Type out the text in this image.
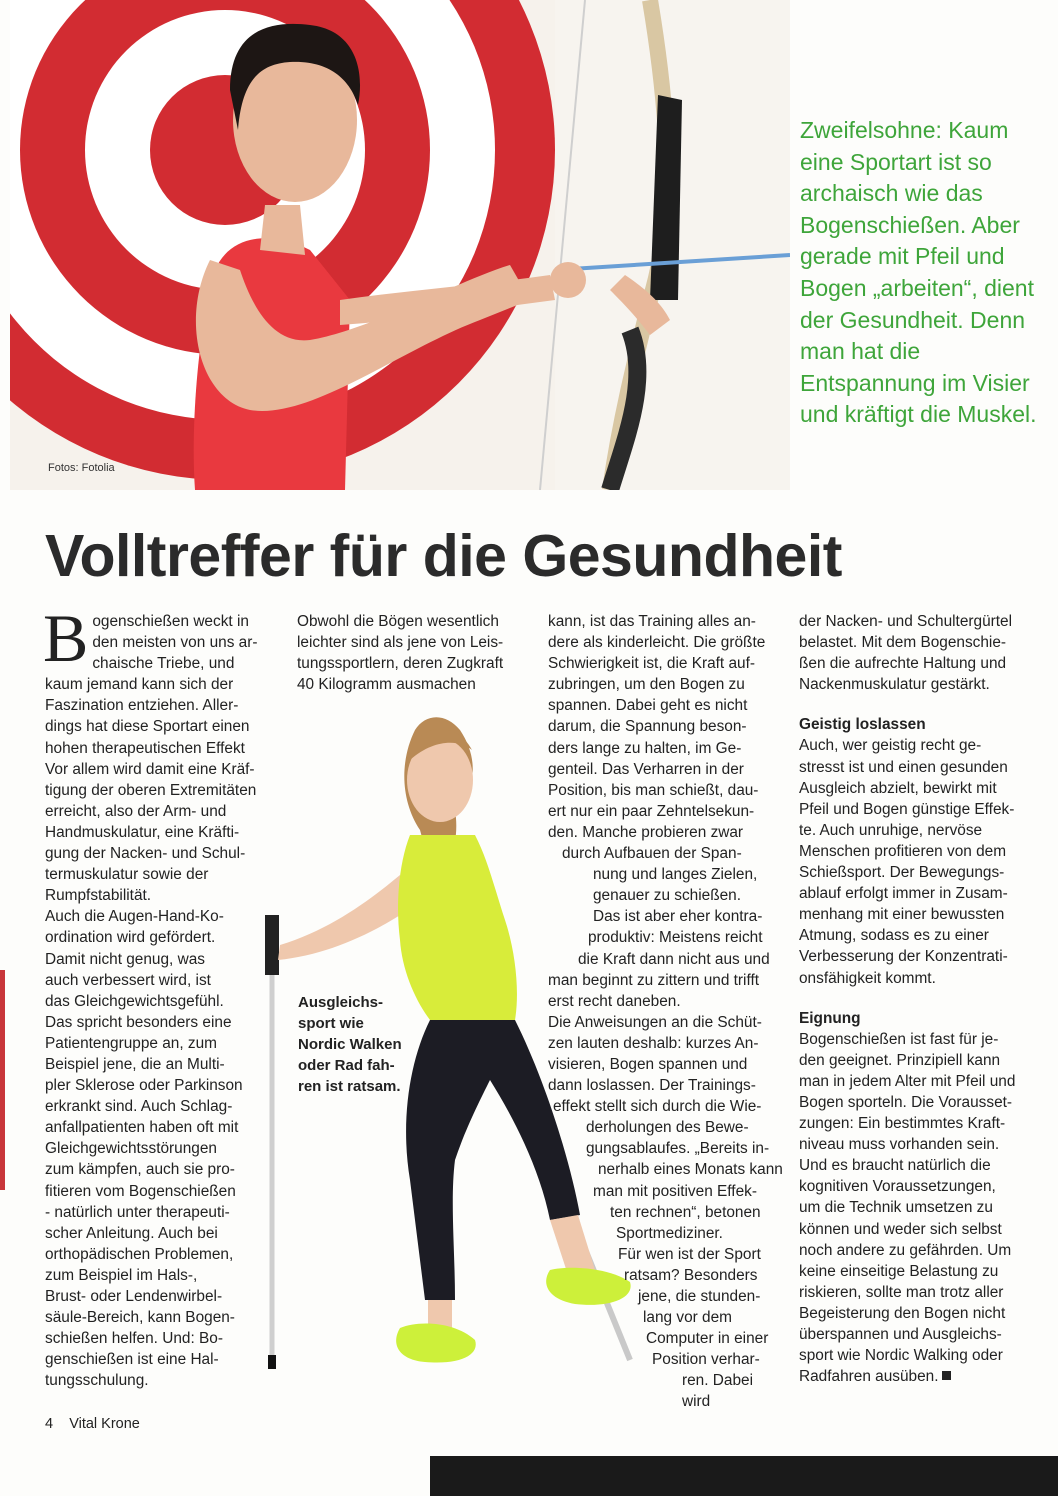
Fotos: Fotolia
Zweifelsohne: Kaum eine Sportart ist so archaisch wie das Bogenschießen. Aber gerade mit Pfeil und Bogen „arbeiten“, dient der Gesundheit. Denn man hat die Entspannung im Visier und kräftigt die Muskel.
Volltreffer für die Gesundheit
B ogenschießen weckt in
den meisten von uns ar-
chaische Triebe, und
kaum jemand kann sich der
Faszination entziehen. Aller-
dings hat diese Sportart einen
hohen therapeutischen Effekt
Vor allem wird damit eine Kräf-
tigung der oberen Extremitäten
erreicht, also der Arm- und
Handmuskulatur, eine Kräfti-
gung der Nacken- und Schul-
termuskulatur sowie der
Rumpfstabilität.
Auch die Augen-Hand-Ko-
ordination wird gefördert.
Damit nicht genug, was
auch verbessert wird, ist
das Gleichgewichtsgefühl.
Das spricht besonders eine
Patientengruppe an, zum
Beispiel jene, die an Multi-
pler Sklerose oder Parkinson
erkrankt sind. Auch Schlag-
anfallpatienten haben oft mit
Gleichgewichtsstörungen
zum kämpfen, auch sie pro-
fitieren vom Bogenschießen
- natürlich unter therapeuti-
scher Anleitung. Auch bei
orthopädischen Problemen,
zum Beispiel im Hals-,
Brust- oder Lendenwirbel-
säule-Bereich, kann Bogen-
schießen helfen. Und: Bo-
genschießen ist eine Hal-
tungsschulung.
Obwohl die Bögen wesentlich
leichter sind als jene von Leis-
tungssportlern, deren Zugkraft
40 Kilogramm ausmachen
Ausgleichs-
sport wie
Nordic Walken
oder Rad fah-
ren ist ratsam.
kann, ist das Training alles an-
dere als kinderleicht. Die größte
Schwierigkeit ist, die Kraft auf-
zubringen, um den Bogen zu
spannen. Dabei geht es nicht
darum, die Spannung beson-
ders lange zu halten, im Ge-
genteil. Das Verharren in der
Position, bis man schießt, dau-
ert nur ein paar Zehntelsekun-
den. Manche probieren zwar
durch Aufbauen der Span-
nung und langes Zielen,
genauer zu schießen.
Das ist aber eher kontra-
produktiv: Meistens reicht
die Kraft dann nicht aus und
man beginnt zu zittern und trifft
erst recht daneben.
Die Anweisungen an die Schüt-
zen lauten deshalb: kurzes An-
visieren, Bogen spannen und
dann loslassen. Der Trainings-
effekt stellt sich durch die Wie-
derholungen des Bewe-
gungsablaufes. „Bereits in-
nerhalb eines Monats kann
man mit positiven Effek-
ten rechnen“, betonen
Sportmediziner.
Für wen ist der Sport
ratsam? Besonders
jene, die stunden-
lang vor dem
Computer in einer
Position verhar-
ren. Dabei wird
der Nacken- und Schultergürtel
belastet. Mit dem Bogenschie-
ßen die aufrechte Haltung und
Nackenmuskulatur gestärkt.

Geistig loslassen

Auch, wer geistig recht ge-
stresst ist und einen gesunden
Ausgleich abzielt, bewirkt mit
Pfeil und Bogen günstige Effek-
te. Auch unruhige, nervöse
Menschen profitieren von dem
Schießsport. Der Bewegungs-
ablauf erfolgt immer in Zusam-
menhang mit einer bewussten
Atmung, sodass es zu einer
Verbesserung der Konzentrati-
onsfähigkeit kommt.

Eignung

Bogenschießen ist fast für je-
den geeignet. Prinzipiell kann
man in jedem Alter mit Pfeil und
Bogen sporteln. Die Vorausset-
zungen: Ein bestimmtes Kraft-
niveau muss vorhanden sein.
Und es braucht natürlich die
kognitiven Voraussetzungen,
um die Technik umsetzen zu
können und weder sich selbst
noch andere zu gefährden. Um
keine einseitige Belastung zu
riskieren, sollte man trotz aller
Begeisterung den Bogen nicht
überspannen und Ausgleichs-
sport wie Nordic Walking oder
Radfahren ausüben.
4 Vital Krone
